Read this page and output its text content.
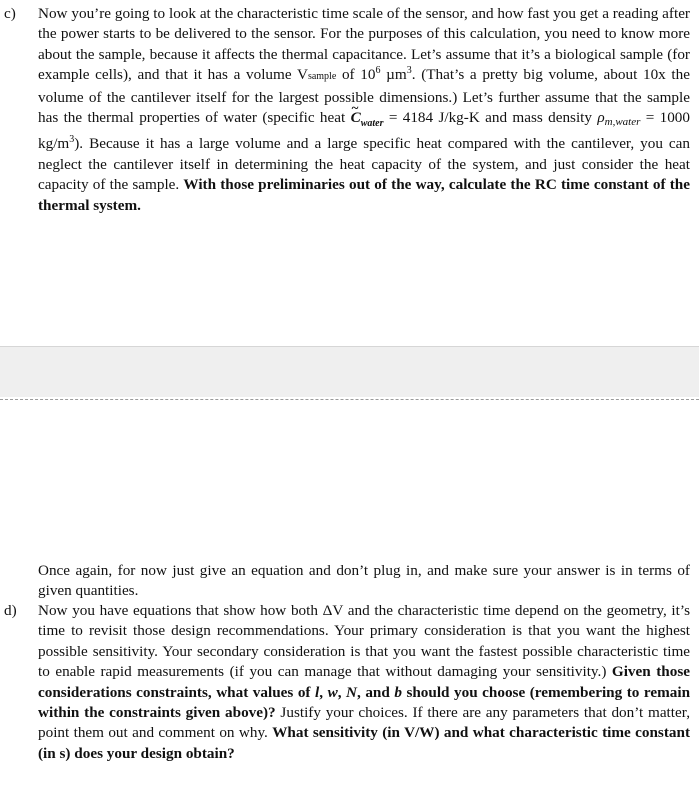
c) Now you’re going to look at the characteristic time scale of the sensor, and how fast you get a reading after the power starts to be delivered to the sensor. For the purposes of this calculation, you need to know more about the sample, because it affects the thermal capacitance. Let’s assume that it’s a biological sample (for example cells), and that it has a volume Vsample of $10^6$ µm$^3$. (That’s a pretty big volume, about 10x the volume of the cantilever itself for the largest possible dimensions.) Let’s further assume that the sample has the thermal properties of water (specific heat ~ $C_{water} = 4184$ J/kg-K and mass density ρm,water = 1000 $kg/m^3$). Because it has a large volume and a large specific heat compared with the cantilever, you can neglect the cantilever itself in determining the heat capacity of the system, and just consider the heat capacity of the sample. With those preliminaries out of the way, calculate the RC time constant of the thermal system.
Once again, for now just give an equation and don’t plug in, and make sure your answer is in terms of given quantities.
d) Now you have equations that show how both ΔV and the characteristic time depend on the geometry, it’s time to revisit those design recommendations. Your primary consideration is that you want the highest possible sensitivity. Your secondary consideration is that you want the fastest possible characteristic time to enable rapid measurements (if you can manage that without damaging your sensitivity.) Given those considerations constraints, what values of l, w, N, and b should you choose (remembering to remain within the constraints given above)? Justify your choices. If there are any parameters that don’t matter, point them out and comment on why. What sensitivity (in V/W) and what characteristic time constant (in s) does your design obtain?
